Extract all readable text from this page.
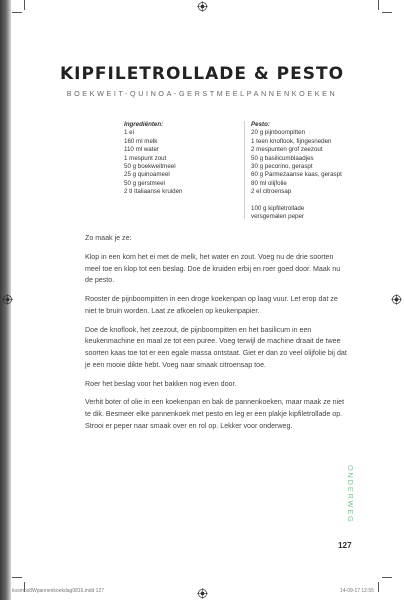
KIPFILETROLLADE & PESTO
BOEKWEIT-QUINOA-GERSTMEELPANNENKOEKEN
Ingrediënten:
1 ei
160 ml melk
110 ml water
1 mespunt zout
50 g boekweitmeel
25 g quinoameel
50 g gerstmeel
2 tl Italiaanse kruiden
Pesto:
20 g pijnboompitten
1 teen knoflook, fijngesneden
2 mespunten grof zeezout
50 g basilicumblaadjes
30 g pecorino, geraspt
60 g Parmezaanse kaas, geraspt
80 ml olijfolie
2 el citroensap
100 g kipfiletrollade
versgemalen peper

Zo maak je ze:

Klop in een kom het ei met de melk, het water en zout. Voeg nu de drie soorten meel toe en klop tot een beslag. Doe de kruiden erbij en roer goed door. Maak nu de pesto.

Rooster de pijnboompitten in een droge koekenpan op laag vuur. Let erop dat ze niet te bruin worden. Laat ze afkoelen op keukenpapier.

Doe de knoflook, het zeezout, de pijnboompitten en het basilicum in een keukenmachine en maal ze tot een puree. Voeg terwijl de machine draait de twee soorten kaas toe tot er een egale massa ontstaat. Giet er dan zo veel olijfolie bij dat je een mooie dikte hebt. Voeg naar smaak citroensap toe.

Roer het beslag voor het bakken nog even door.

Verhit boter of olie in een koekenpan en bak de pannenkoeken, maar maak ze niet te dik. Besmeer elke pannenkoek met pesto en leg er een plakje kipfiletrollade op. Strooi er peper naar smaak over en rol op. Lekker voor onderweg.

ONDERWEG
127
kosmos8Wpannenkoekdag0816.indd 127	14-09-17 12:55
